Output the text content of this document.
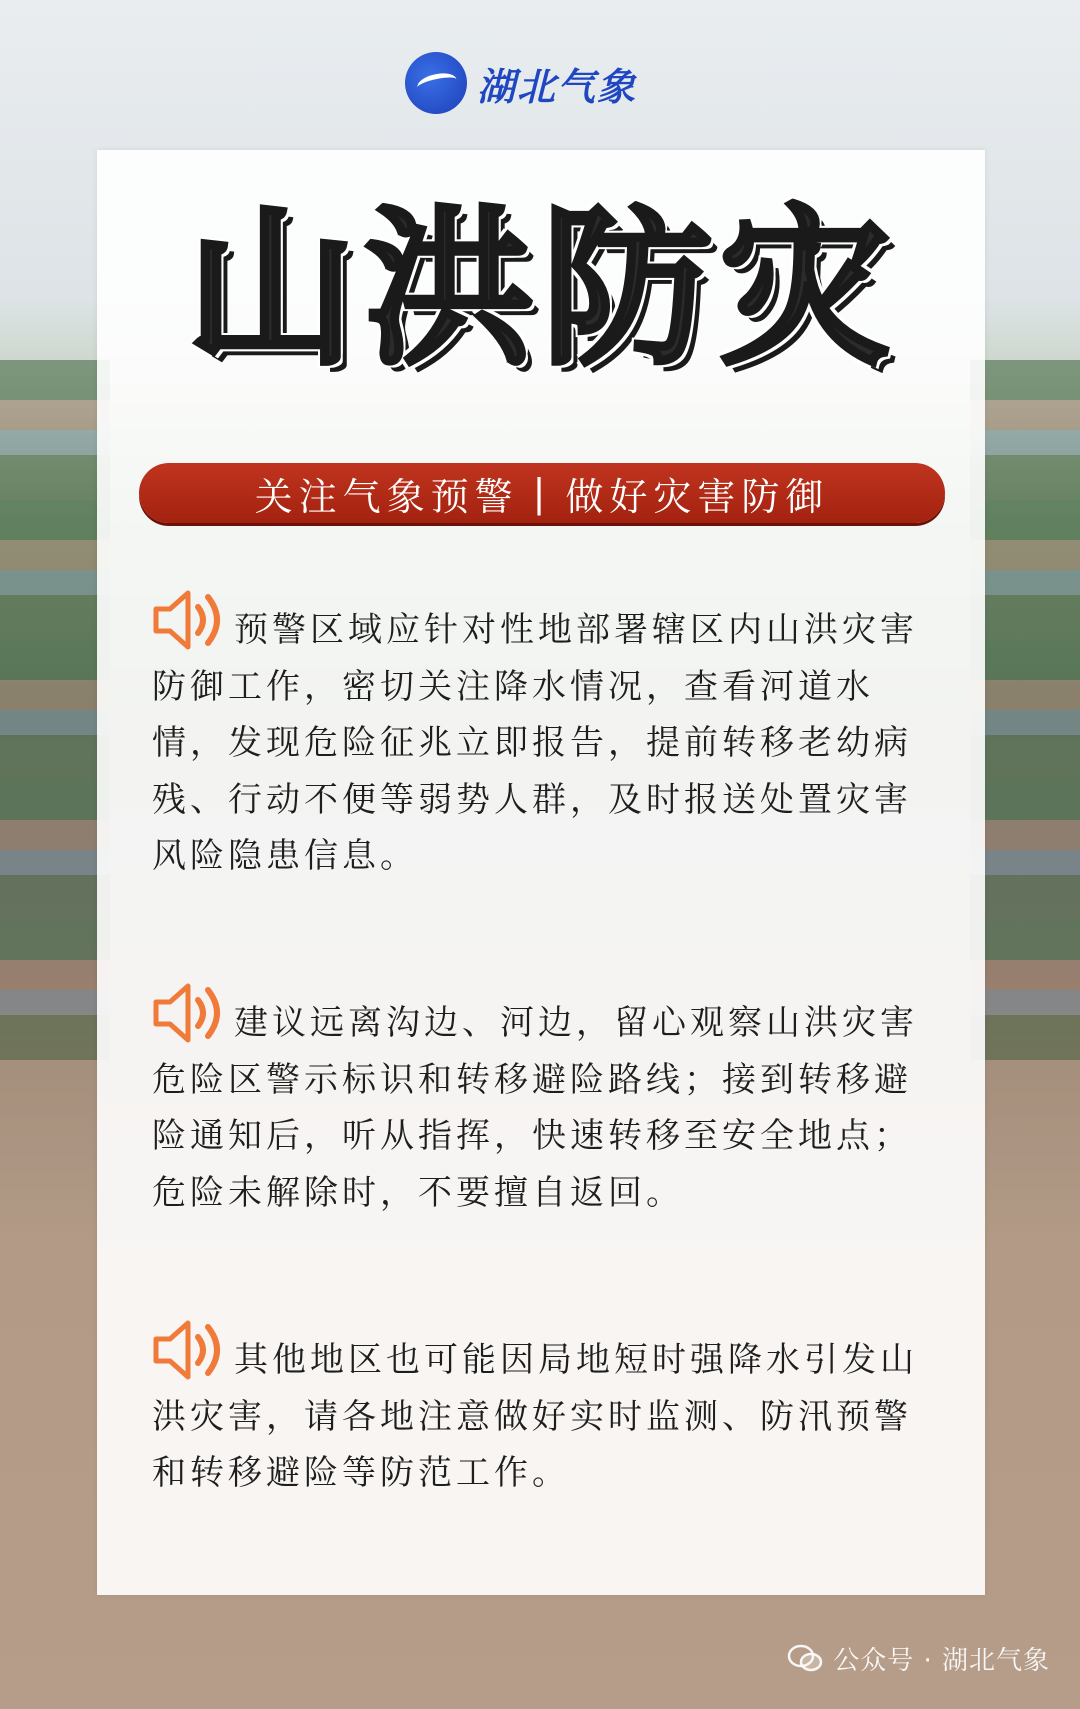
湖北气象
山洪防灾
关注气象预警 | 做好灾害防御
预警区域应针对性地部署辖区内山洪灾害防御工作，密切关注降水情况，查看河道水情，发现危险征兆立即报告，提前转移老幼病残、行动不便等弱势人群，及时报送处置灾害风险隐患信息。
建议远离沟边、河边，留心观察山洪灾害危险区警示标识和转移避险路线；接到转移避险通知后，听从指挥，快速转移至安全地点；危险未解除时，不要擅自返回。
其他地区也可能因局地短时强降水引发山洪灾害，请各地注意做好实时监测、防汛预警和转移避险等防范工作。
公众号 · 湖北气象
